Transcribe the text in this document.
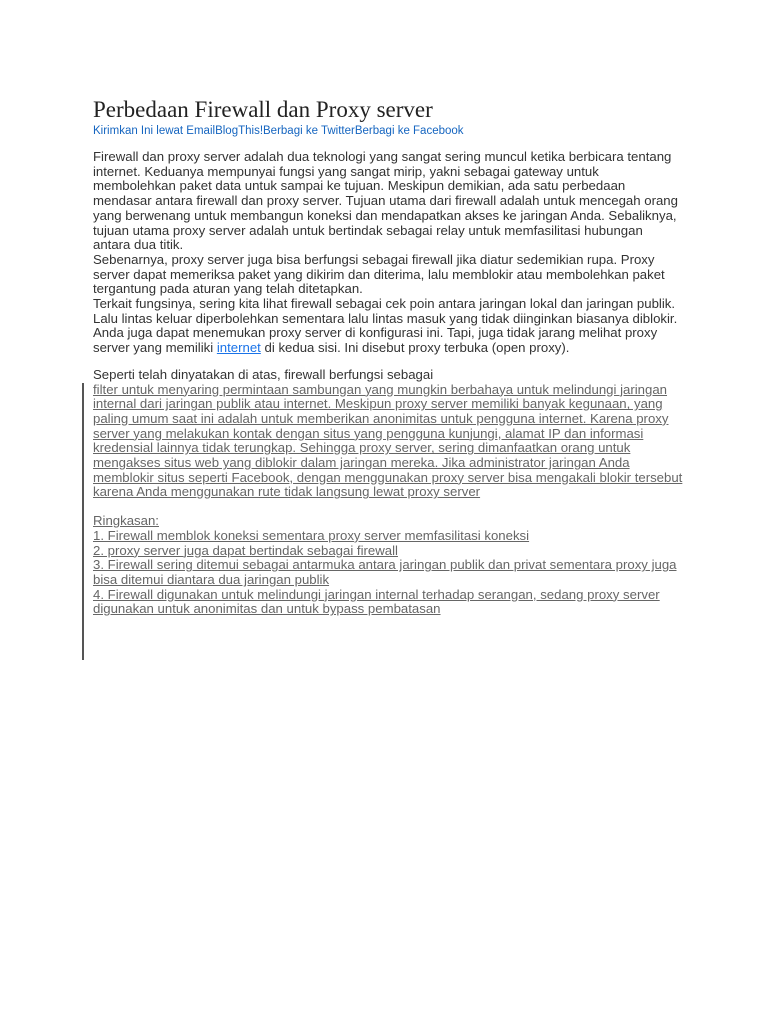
Perbedaan Firewall dan Proxy server
Kirimkan Ini lewat EmailBlogThis!Berbagi ke TwitterBerbagi ke Facebook

Firewall dan proxy server adalah dua teknologi yang sangat sering muncul ketika berbicara tentang internet. Keduanya mempunyai fungsi yang sangat mirip, yakni sebagai gateway untuk membolehkan paket data untuk sampai ke tujuan. Meskipun demikian, ada satu perbedaan mendasar antara firewall dan proxy server. Tujuan utama dari firewall adalah untuk mencegah orang yang berwenang untuk membangun koneksi dan mendapatkan akses ke jaringan Anda. Sebaliknya, tujuan utama proxy server adalah untuk bertindak sebagai relay untuk memfasilitasi hubungan antara dua titik.

Sebenarnya, proxy server juga bisa berfungsi sebagai firewall jika diatur sedemikian rupa. Proxy server dapat memeriksa paket yang dikirim dan diterima, lalu memblokir atau membolehkan paket tergantung pada aturan yang telah ditetapkan.

Terkait fungsinya, sering kita lihat firewall sebagai cek poin antara jaringan lokal dan jaringan publik. Lalu lintas keluar diperbolehkan sementara lalu lintas masuk yang tidak diinginkan biasanya diblokir. Anda juga dapat menemukan proxy server di konfigurasi ini. Tapi, juga tidak jarang melihat proxy server yang memiliki internet di kedua sisi. Ini disebut proxy terbuka (open proxy).

Seperti telah dinyatakan di atas, firewall berfungsi sebagai

filter untuk menyaring permintaan sambungan yang mungkin berbahaya untuk melindungi jaringan internal dari jaringan publik atau internet. Meskipun proxy server memiliki banyak kegunaan, yang paling umum saat ini adalah untuk memberikan anonimitas untuk pengguna internet. Karena proxy server yang melakukan kontak dengan situs yang pengguna kunjungi, alamat IP dan informasi kredensial lainnya tidak terungkap. Sehingga proxy server, sering dimanfaatkan orang untuk mengakses situs web yang diblokir dalam jaringan mereka. Jika administrator jaringan Anda memblokir situs seperti Facebook, dengan menggunakan proxy server bisa mengakali blokir tersebut karena Anda menggunakan rute tidak langsung lewat proxy server

Ringkasan:

1. Firewall memblok koneksi sementara proxy server memfasilitasi koneksi

2. proxy server juga dapat bertindak sebagai firewall

3. Firewall sering ditemui sebagai antarmuka antara jaringan publik dan privat sementara proxy juga bisa ditemui diantara dua jaringan publik

4. Firewall digunakan untuk melindungi jaringan internal terhadap serangan, sedang proxy server digunakan untuk anonimitas dan untuk bypass pembatasan
